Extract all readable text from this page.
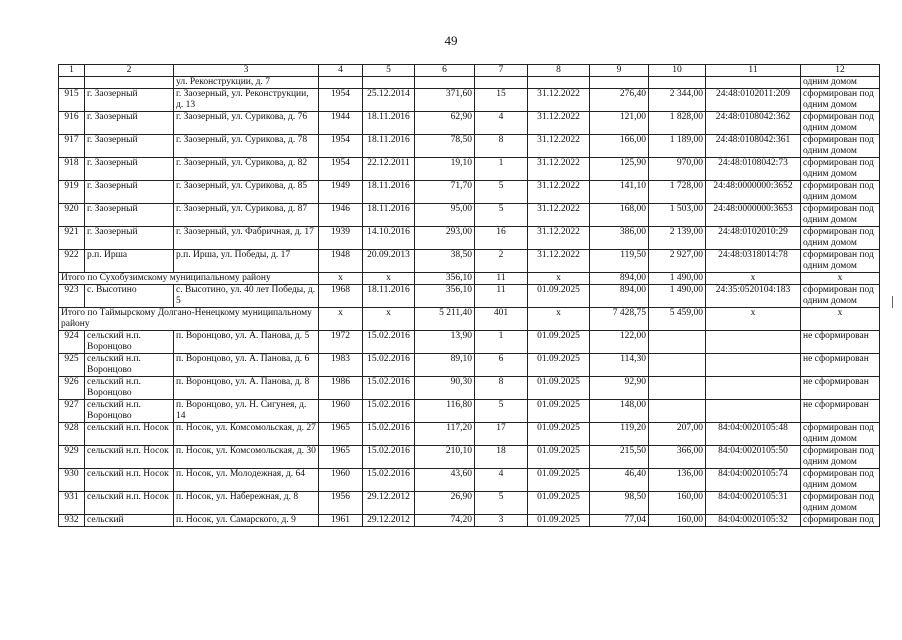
49
1	2	3	4	5	6	7	8	9	10	11	12
		ул. Реконструкции, д. 7									одним домом
915	г. Заозерный	г. Заозерный, ул. Реконструкции, д. 13	1954	25.12.2014	371,60	15	31.12.2022	276,40	2 344,00	24:48:0102011:209	сформирован под одним домом
916	г. Заозерный	г. Заозерный, ул. Сурикова, д. 76	1944	18.11.2016	62,90	4	31.12.2022	121,00	1 828,00	24:48:0108042:362	сформирован под одним домом
917	г. Заозерный	г. Заозерный, ул. Сурикова, д. 78	1954	18.11.2016	78,50	8	31.12.2022	166,00	1 189,00	24:48:0108042:361	сформирован под одним домом
918	г. Заозерный	г. Заозерный, ул. Сурикова, д. 82	1954	22.12.2011	19,10	1	31.12.2022	125,90	970,00	24:48:0108042:73	сформирован под одним домом
919	г. Заозерный	г. Заозерный, ул. Сурикова, д. 85	1949	18.11.2016	71,70	5	31.12.2022	141,10	1 728,00	24:48:0000000:3652	сформирован под одним домом
920	г. Заозерный	г. Заозерный, ул. Сурикова, д. 87	1946	18.11.2016	95,00	5	31.12.2022	168,00	1 503,00	24:48:0000000:3653	сформирован под одним домом
921	г. Заозерный	г. Заозерный, ул. Фабричная, д. 17	1939	14.10.2016	293,00	16	31.12.2022	386,00	2 139,00	24:48:0102010:29	сформирован под одним домом
922	р.п. Ирша	р.п. Ирша, ул. Победы, д. 17	1948	20.09.2013	38,50	2	31.12.2022	119,50	2 927,00	24:48:0318014:78	сформирован под одним домом
Итого по Сухобузимскому муниципальному району			x	x	356,10	11	x	894,00	1 490,00	x	x
923	с. Высотино	с. Высотино, ул. 40 лет Победы, д. 5	1968	18.11.2016	356,10	11	01.09.2025	894,00	1 490,00	24:35:0520104:183	сформирован под одним домом
Итого по Таймырскому Долгано-Ненецкому муниципальному району			x	x	5 211,40	401	x	7 428,75	5 459,00	x	x
924	сельский н.п. Воронцово	п. Воронцово, ул. А. Панова, д. 5	1972	15.02.2016	13,90	1	01.09.2025	122,00			не сформирован
925	сельский н.п. Воронцово	п. Воронцово, ул. А. Панова, д. 6	1983	15.02.2016	89,10	6	01.09.2025	114,30			не сформирован
926	сельский н.п. Воронцово	п. Воронцово, ул. А. Панова, д. 8	1986	15.02.2016	90,30	8	01.09.2025	92,90			не сформирован
927	сельский н.п. Воронцово	п. Воронцово, ул. Н. Сигунея, д. 14	1960	15.02.2016	116,80	5	01.09.2025	148,00			не сформирован
928	сельский н.п. Носок	п. Носок, ул. Комсомольская, д. 27	1965	15.02.2016	117,20	17	01.09.2025	119,20	207,00	84:04:0020105:48	сформирован под одним домом
929	сельский н.п. Носок	п. Носок, ул. Комсомольская, д. 30	1965	15.02.2016	210,10	18	01.09.2025	215,50	366,00	84:04:0020105:50	сформирован под одним домом
930	сельский н.п. Носок	п. Носок, ул. Молодежная, д. 64	1960	15.02.2016	43,60	4	01.09.2025	46,40	136,00	84:04:0020105:74	сформирован под одним домом
931	сельский н.п. Носок	п. Носок, ул. Набережная, д. 8	1956	29.12.2012	26,90	5	01.09.2025	98,50	160,00	84:04:0020105:31	сформирован под одним домом
932	сельский	п. Носок, ул. Самарского, д. 9	1961	29.12.2012	74,20	3	01.09.2025	77,04	160,00	84:04:0020105:32	сформирован под
